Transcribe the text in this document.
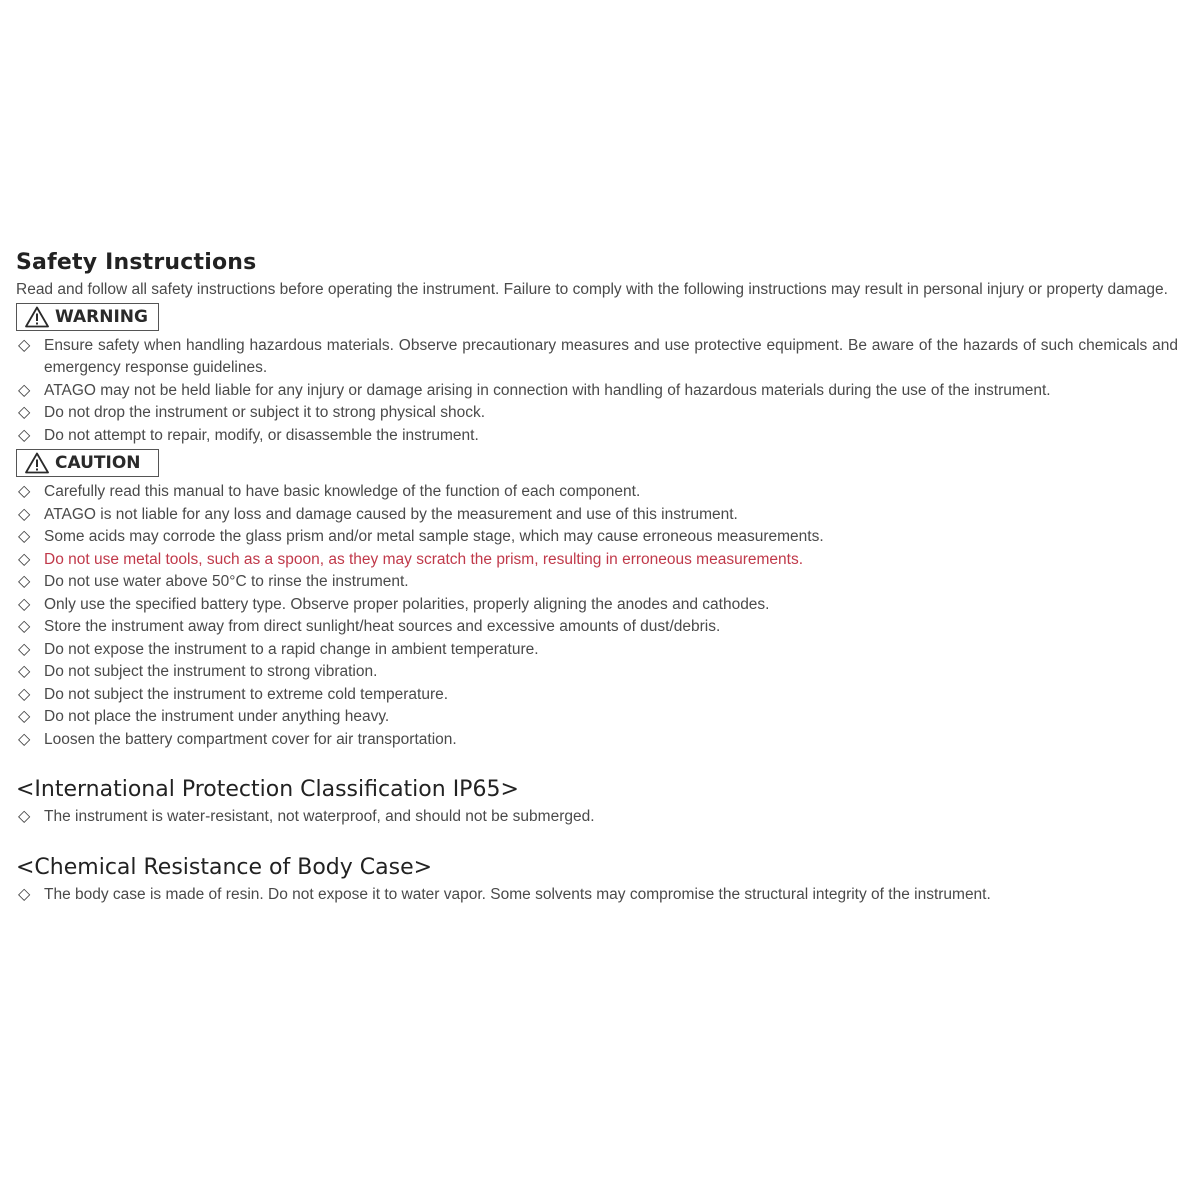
Safety Instructions

Read and follow all safety instructions before operating the instrument. Failure to comply with the following instructions may result in personal injury or property damage.

WARNING
◇ Ensure safety when handling hazardous materials. Observe precautionary measures and use protective equipment. Be aware of the hazards of such chemicals and emergency response guidelines.
◇ ATAGO may not be held liable for any injury or damage arising in connection with handling of hazardous materials during the use of the instrument.
◇ Do not drop the instrument or subject it to strong physical shock.
◇ Do not attempt to repair, modify, or disassemble the instrument.
CAUTION
◇ Carefully read this manual to have basic knowledge of the function of each component.
◇ ATAGO is not liable for any loss and damage caused by the measurement and use of this instrument.
◇ Some acids may corrode the glass prism and/or metal sample stage, which may cause erroneous measurements.
◇ Do not use metal tools, such as a spoon, as they may scratch the prism, resulting in erroneous measurements.
◇ Do not use water above 50°C to rinse the instrument.
◇ Only use the specified battery type. Observe proper polarities, properly aligning the anodes and cathodes.
◇ Store the instrument away from direct sunlight/heat sources and excessive amounts of dust/debris.
◇ Do not expose the instrument to a rapid change in ambient temperature.
◇ Do not subject the instrument to strong vibration.
◇ Do not subject the instrument to extreme cold temperature.
◇ Do not place the instrument under anything heavy.
◇ Loosen the battery compartment cover for air transportation.
<International Protection Classification IP65>
◇ The instrument is water-resistant, not waterproof, and should not be submerged.
<Chemical Resistance of Body Case>
◇ The body case is made of resin. Do not expose it to water vapor. Some solvents may compromise the structural integrity of the instrument.
